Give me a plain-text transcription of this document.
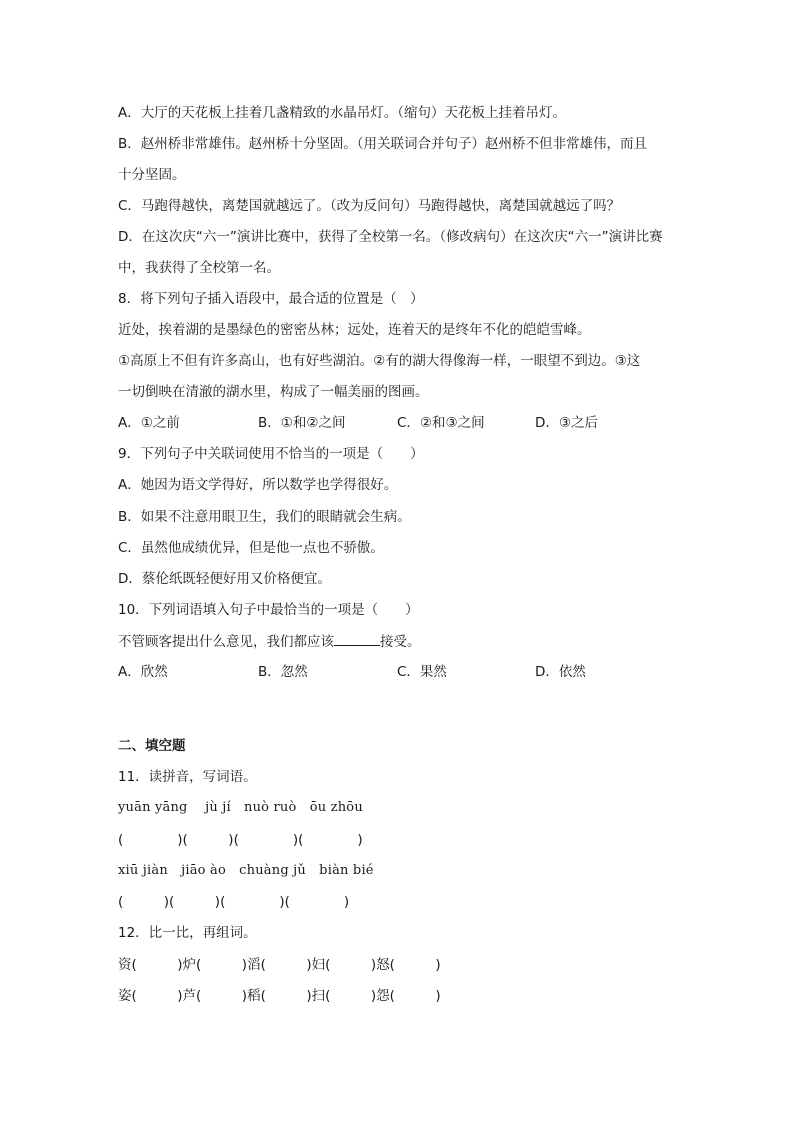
A．大厅的天花板上挂着几盏精致的水晶吊灯。（缩句）天花板上挂着吊灯。
B．赵州桥非常雄伟。赵州桥十分坚固。（用关联词合并句子）赵州桥不但非常雄伟，而且
十分坚固。
C．马跑得越快，离楚国就越远了。（改为反问句）马跑得越快，离楚国就越远了吗？
D．在这次庆“六一”演讲比赛中，获得了全校第一名。（修改病句）在这次庆“六一”演讲比赛
中，我获得了全校第一名。
8．将下列句子插入语段中，最合适的位置是（　）
近处，挨着湖的是墨绿色的密密丛林；远处，连着天的是终年不化的皑皑雪峰。
①高原上不但有许多高山，也有好些湖泊。②有的湖大得像海一样，一眼望不到边。③这
一切倒映在清澈的湖水里，构成了一幅美丽的图画。
A．①之前	B．①和②之间	C．②和③之间	D．③之后
9．下列句子中关联词使用不恰当的一项是（　　）
A．她因为语文学得好，所以数学也学得很好。
B．如果不注意用眼卫生，我们的眼睛就会生病。
C．虽然他成绩优异，但是他一点也不骄傲。
D．蔡伦纸既轻便好用又价格便宜。
10．下列词语填入句子中最恰当的一项是（　　）
不管顾客提出什么意见，我们都应该	接受。
A．欣然	B．忽然	C．果然	D．依然
二、填空题
11．读拼音，写词语。
yuān yāng　 jù jí　nuò ruò　ōu zhōu
(　　　　)(　　　)(　　　　)(　　　　)
xiū jiàn　jiāo ào　chuàng jǔ　biàn bié
(　　　)(　　　)(　　　　)(　　　　)
12．比一比，再组词。
资(　　　)炉(　　　)滔(　　　)妇(　　　)怒(　　　)
姿(　　　)芦(　　　)稻(　　　)扫(　　　)怨(　　　)
